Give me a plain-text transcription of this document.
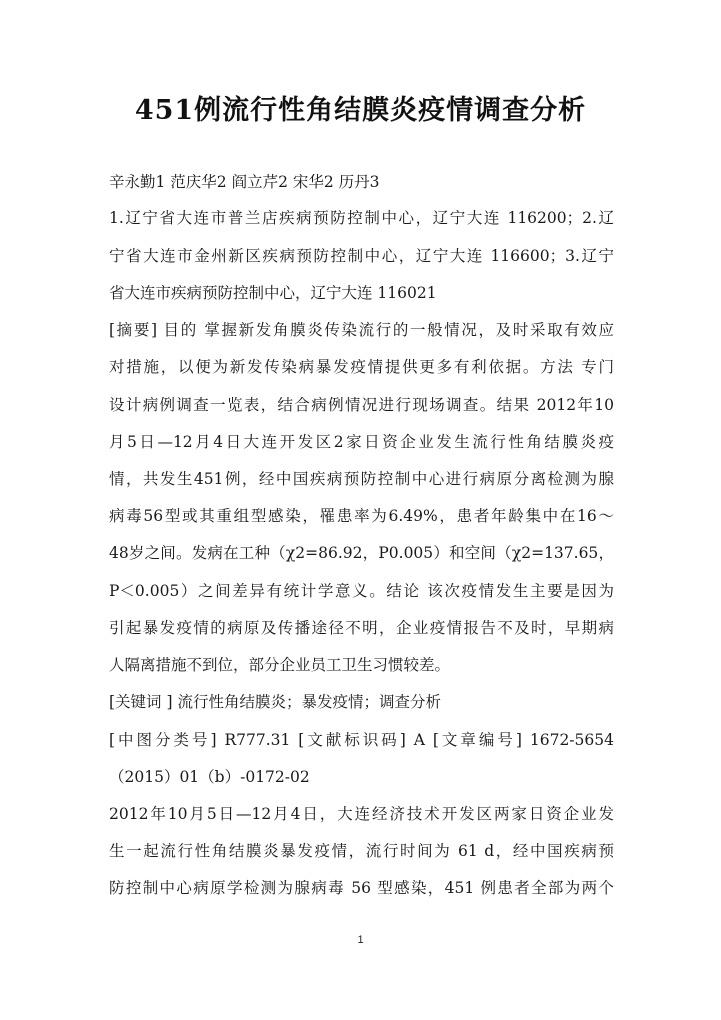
451例流行性角结膜炎疫情调查分析
辛永勤1 范庆华2 阎立芹2 宋华2 历丹3
1.辽宁省大连市普兰店疾病预防控制中心，辽宁大连 116200；2.辽
宁省大连市金州新区疾病预防控制中心，辽宁大连 116600；3.辽宁
省大连市疾病预防控制中心，辽宁大连 116021
[摘要] 目的 掌握新发角膜炎传染流行的一般情况，及时采取有效应
对措施，以便为新发传染病暴发疫情提供更多有利依据。方法 专门
设计病例调查一览表，结合病例情况进行现场调查。结果 2012年10
月5日—12月4日大连开发区2家日资企业发生流行性角结膜炎疫
情，共发生451例，经中国疾病预防控制中心进行病原分离检测为腺
病毒56型或其重组型感染，罹患率为6.49%，患者年龄集中在16～
48岁之间。发病在工种（χ2=86.92，P0.005）和空间（χ2=137.65，
P＜0.005）之间差异有统计学意义。结论 该次疫情发生主要是因为
引起暴发疫情的病原及传播途径不明，企业疫情报告不及时，早期病
人隔离措施不到位，部分企业员工卫生习惯较差。
[关键词 ] 流行性角结膜炎；暴发疫情；调查分析
[中图分类号] R777.31 [文献标识码] A [文章编号] 1672-5654
（2015）01（b）-0172-02
2012年10月5日—12月4日，大连经济技术开发区两家日资企业发
生一起流行性角结膜炎暴发疫情，流行时间为 61 d，经中国疾病预
防控制中心病原学检测为腺病毒 56 型感染，451 例患者全部为两个
1
